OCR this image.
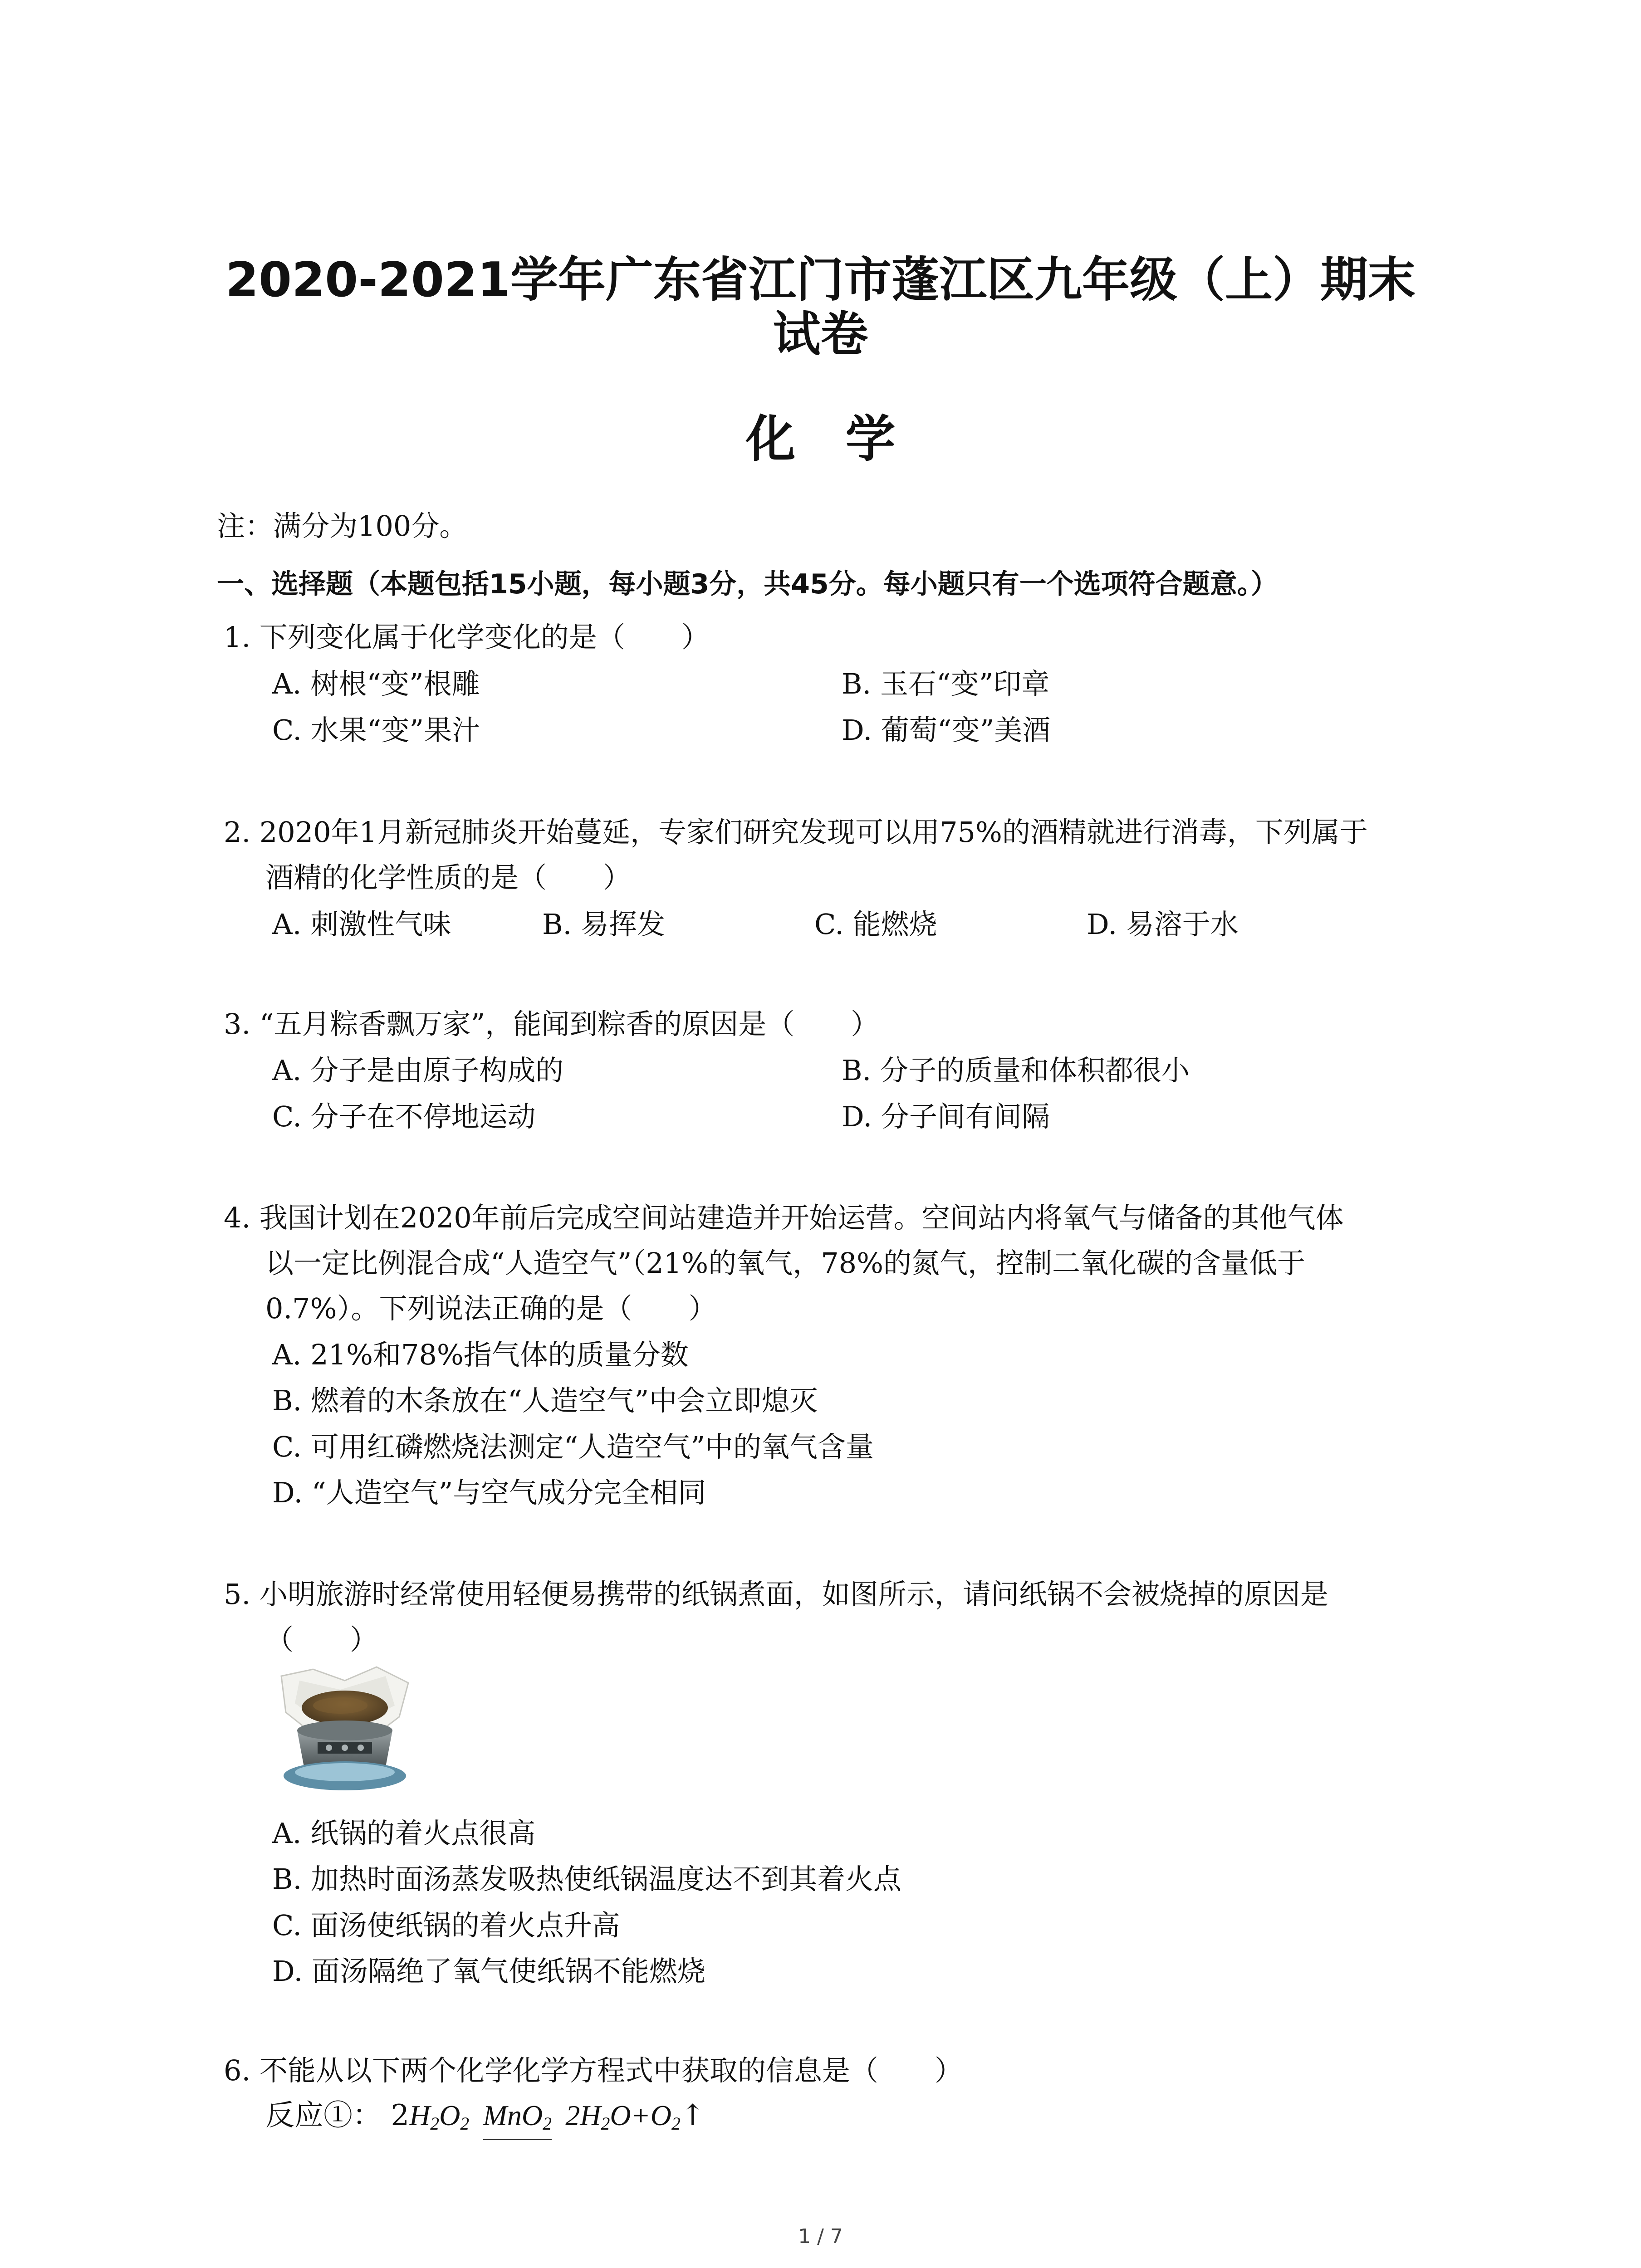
2020-2021学年广东省江门市蓬江区九年级（上）期末
试卷
化学
注：满分为100分。
一、选择题（本题包括15小题，每小题3分，共45分。每小题只有一个选项符合题意。）
1. 下列变化属于化学变化的是（　　）
A. 树根“变”根雕	B. 玉石“变”印章
C. 水果“变”果汁	D. 葡萄“变”美酒
2. 2020年1月新冠肺炎开始蔓延，专家们研究发现可以用75%的酒精就进行消毒，下列属于
酒精的化学性质的是（　　）
A. 刺激性气味	B. 易挥发	C. 能燃烧	D. 易溶于水
3. “五月粽香飘万家”，能闻到粽香的原因是（　　）
A. 分子是由原子构成的	B. 分子的质量和体积都很小
C. 分子在不停地运动	D. 分子间有间隔
4. 我国计划在2020年前后完成空间站建造并开始运营。空间站内将氧气与储备的其他气体
以一定比例混合成“人造空气”（21%的氧气，78%的氮气，控制二氧化碳的含量低于
0.7%）。下列说法正确的是（　　）
A. 21%和78%指气体的质量分数
B. 燃着的木条放在“人造空气”中会立即熄灭
C. 可用红磷燃烧法测定“人造空气”中的氧气含量
D. “人造空气”与空气成分完全相同
5. 小明旅游时经常使用轻便易携带的纸锅煮面，如图所示，请问纸锅不会被烧掉的原因是
（　　）
A. 纸锅的着火点很高
B. 加热时面汤蒸发吸热使纸锅温度达不到其着火点
C. 面汤使纸锅的着火点升高
D. 面汤隔绝了氧气使纸锅不能燃烧
6. 不能从以下两个化学化学方程式中获取的信息是（　　）
反应①： $2H_2O_2$ MnO$_2$ $2H_2O+O_2↑$
1 / 7
